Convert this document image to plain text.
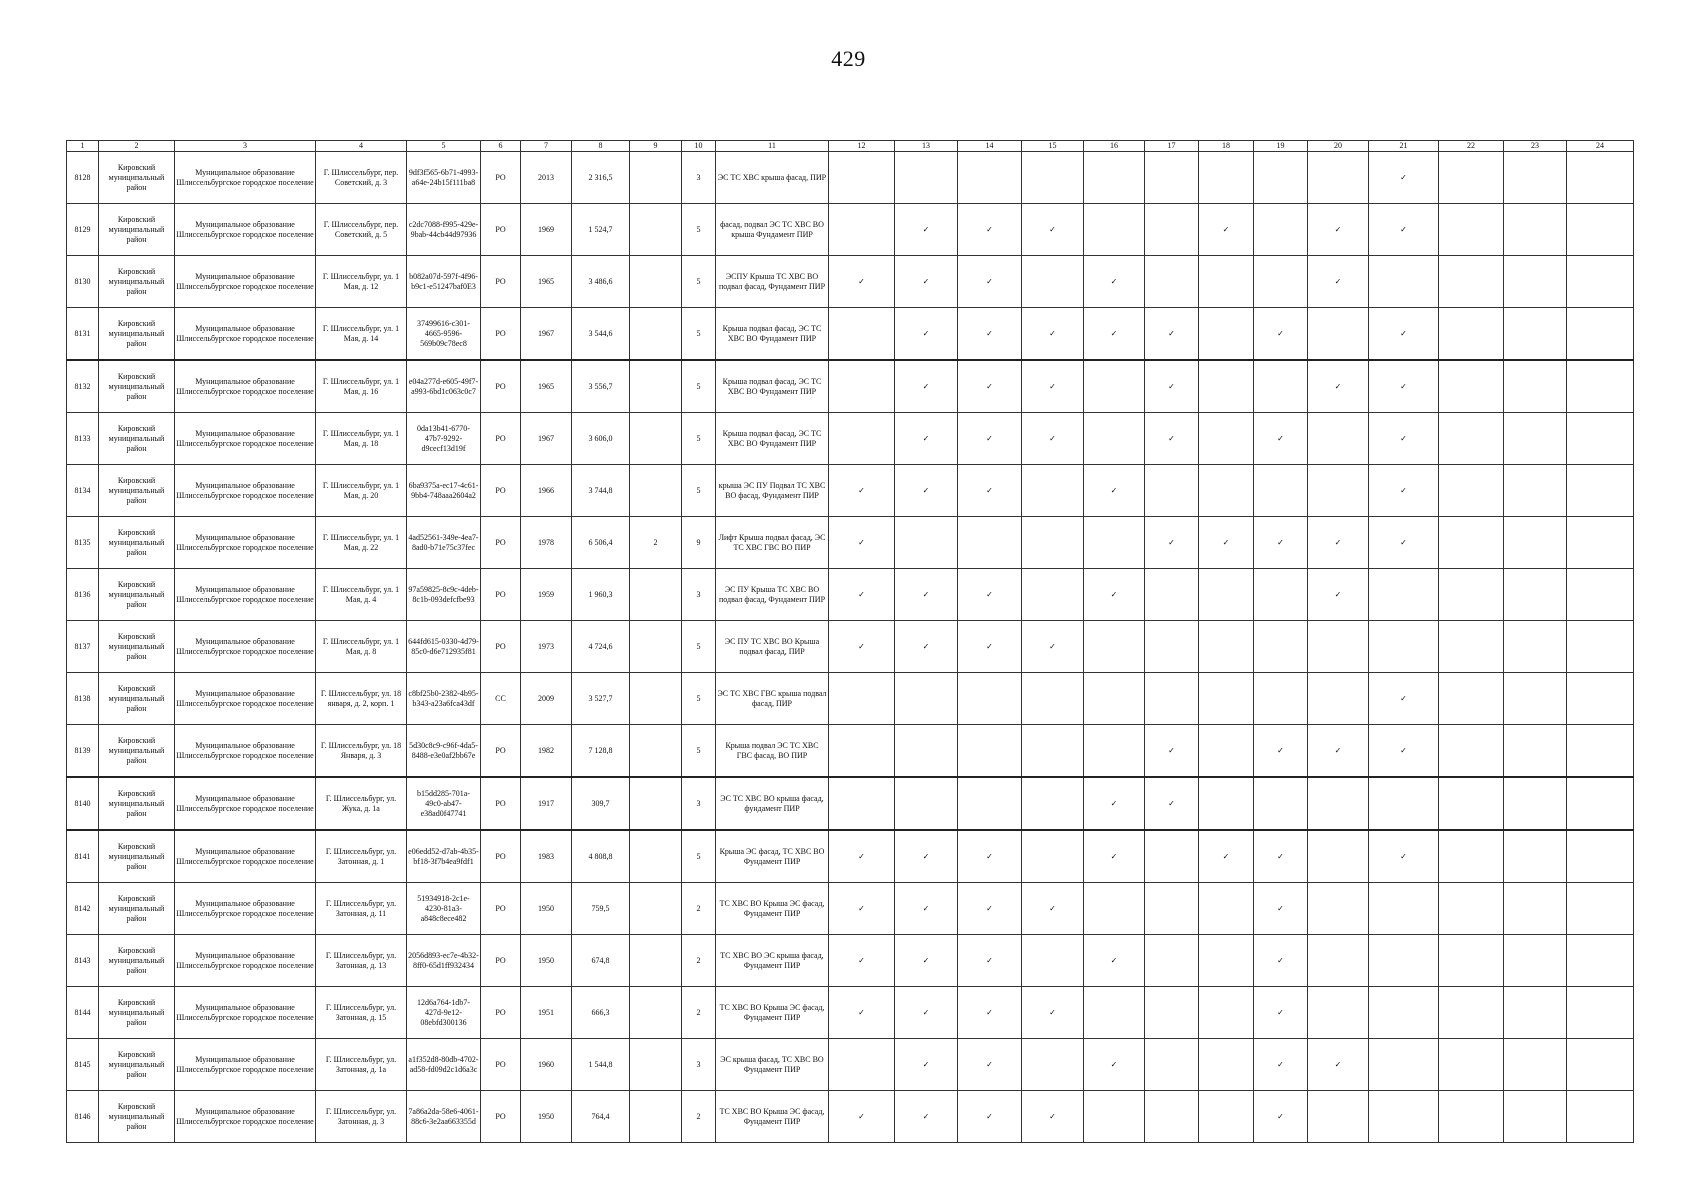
429
1	2	3	4	5	6	7	8	9	10	11	12	13	14	15	16	17	18	19	20	21	22	23	24
8128	Кировский муниципальный район	Муниципальное образование Шлиссельбургское городское поселение	Г. Шлиссельбург, пер. Советский, д. 3	9df3f565-6b71-4993-a64e-24b15f111ba8	РО	2013	2 316,5		3	ЭС ТС ХВС крыша фасад, ПИР										✓			
8129	Кировский муниципальный район	Муниципальное образование Шлиссельбургское городское поселение	Г. Шлиссельбург, пер. Советский, д. 5	c2dc7088-f995-429e-9bab-44cb44d97936	РО	1969	1 524,7		5	фасад, подвал ЭС ТС ХВС ВО крыша Фундамент ПИР		✓	✓	✓			✓		✓	✓			
8130	Кировский муниципальный район	Муниципальное образование Шлиссельбургское городское поселение	Г. Шлиссельбург, ул. 1 Мая, д. 12	b082a07d-597f-4f96-b9c1-e51247baf0E3	РО	1965	3 486,6		5	ЭСПУ Крыша ТС ХВС ВО подвал фасад, Фундамент ПИР	✓	✓	✓		✓				✓				
8131	Кировский муниципальный район	Муниципальное образование Шлиссельбургское городское поселение	Г. Шлиссельбург, ул. 1 Мая, д. 14	37499616-c301-4665-9596-569b09c78ec8	РО	1967	3 544,6		5	Крыша подвал фасад, ЭС ТС ХВС ВО Фундамент ПИР		✓	✓	✓	✓	✓		✓		✓			
8132	Кировский муниципальный район	Муниципальное образование Шлиссельбургское городское поселение	Г. Шлиссельбург, ул. 1 Мая, д. 16	e04a277d-e605-49f7-a993-6bd1c063c0c7	РО	1965	3 556,7		5	Крыша подвал фасад, ЭС ТС ХВС ВО Фундамент ПИР		✓	✓	✓		✓			✓	✓			
8133	Кировский муниципальный район	Муниципальное образование Шлиссельбургское городское поселение	Г. Шлиссельбург, ул. 1 Мая, д. 18	0da13b41-6770-47b7-9292-d9cecf13d19f	РО	1967	3 606,0		5	Крыша подвал фасад, ЭС ТС ХВС ВО Фундамент ПИР		✓	✓	✓		✓		✓		✓			
8134	Кировский муниципальный район	Муниципальное образование Шлиссельбургское городское поселение	Г. Шлиссельбург, ул. 1 Мая, д. 20	6ba9375a-ec17-4c61-9bb4-748aaa2604a2	РО	1966	3 744,8		5	крыша ЭС ПУ Подвал ТС ХВС ВО фасад, Фундамент ПИР	✓	✓	✓		✓					✓			
8135	Кировский муниципальный район	Муниципальное образование Шлиссельбургское городское поселение	Г. Шлиссельбург, ул. 1 Мая, д. 22	4ad52561-349e-4ea7-8ad0-b71e75c37fec	РО	1978	6 506,4	2	9	Лифт Крыша подвал фасад, ЭС ТС ХВС ГВС ВО ПИР	✓					✓	✓	✓	✓	✓			
8136	Кировский муниципальный район	Муниципальное образование Шлиссельбургское городское поселение	Г. Шлиссельбург, ул. 1 Мая, д. 4	97a59825-8c9c-4deb-8c1b-093defcfbe93	РО	1959	1 960,3		3	ЭС ПУ Крыша ТС ХВС ВО подвал фасад, Фундамент ПИР	✓	✓	✓		✓				✓				
8137	Кировский муниципальный район	Муниципальное образование Шлиссельбургское городское поселение	Г. Шлиссельбург, ул. 1 Мая, д. 8	644fd615-0330-4d79-85c0-d6e712935f81	РО	1973	4 724,6		5	ЭС ПУ ТС ХВС ВО Крыша подвал фасад, ПИР	✓	✓	✓	✓									
8138	Кировский муниципальный район	Муниципальное образование Шлиссельбургское городское поселение	Г. Шлиссельбург, ул. 18 января, д. 2, корп. 1	c8bf25b0-2382-4b95-b343-a23a6fca43df	СС	2009	3 527,7		5	ЭС ТС ХВС ГВС крыша подвал фасад, ПИР										✓			
8139	Кировский муниципальный район	Муниципальное образование Шлиссельбургское городское поселение	Г. Шлиссельбург, ул. 18 Января, д. 3	5d30c8c9-c96f-4da5-8488-e3e0af2bb67e	РО	1982	7 128,8		5	Крыша подвал ЭС ТС ХВС ГВС фасад, ВО ПИР						✓		✓	✓	✓			
8140	Кировский муниципальный район	Муниципальное образование Шлиссельбургское городское поселение	Г. Шлиссельбург, ул. Жука, д. 1а	b15dd285-701a-49c0-ab47-e38ad0f47741	РО	1917	309,7		3	ЭС ТС ХВС ВО крыша фасад, фундамент ПИР					✓	✓							
8141	Кировский муниципальный район	Муниципальное образование Шлиссельбургское городское поселение	Г. Шлиссельбург, ул. Затонная, д. 1	e06edd52-d7ab-4b35-bf18-3f7b4ea9fdf1	РО	1983	4 808,8		5	Крыша ЭС фасад, ТС ХВС ВО Фундамент ПИР	✓	✓	✓		✓		✓	✓		✓			
8142	Кировский муниципальный район	Муниципальное образование Шлиссельбургское городское поселение	Г. Шлиссельбург, ул. Затонная, д. 11	51934918-2c1e-4230-81a3-a848c8ece482	РО	1950	759,5		2	ТС ХВС ВО Крыша ЭС фасад, Фундамент ПИР	✓	✓	✓	✓				✓					
8143	Кировский муниципальный район	Муниципальное образование Шлиссельбургское городское поселение	Г. Шлиссельбург, ул. Затонная, д. 13	2056d893-ec7e-4b32-8ff0-65d1ff932434	РО	1950	674,8		2	ТС ХВС ВО ЭС крыша фасад, Фундамент ПИР	✓	✓	✓		✓			✓					
8144	Кировский муниципальный район	Муниципальное образование Шлиссельбургское городское поселение	Г. Шлиссельбург, ул. Затонная, д. 15	12d6a764-1db7-427d-9e12-08ebfd300136	РО	1951	666,3		2	ТС ХВС ВО Крыша ЭС фасад, Фундамент ПИР	✓	✓	✓	✓				✓					
8145	Кировский муниципальный район	Муниципальное образование Шлиссельбургское городское поселение	Г. Шлиссельбург, ул. Затонная, д. 1а	a1f352d8-80db-4702-ad58-fd09d2c1d6a3c	РО	1960	1 544,8		3	ЭС крыша фасад, ТС ХВС ВО Фундамент ПИР		✓	✓		✓			✓	✓				
8146	Кировский муниципальный район	Муниципальное образование Шлиссельбургское городское поселение	Г. Шлиссельбург, ул. Затонная, д. 3	7a86a2da-58e6-4061-88c6-3e2aa663355d	РО	1950	764,4		2	ТС ХВС ВО Крыша ЭС фасад, Фундамент ПИР	✓	✓	✓	✓				✓					
